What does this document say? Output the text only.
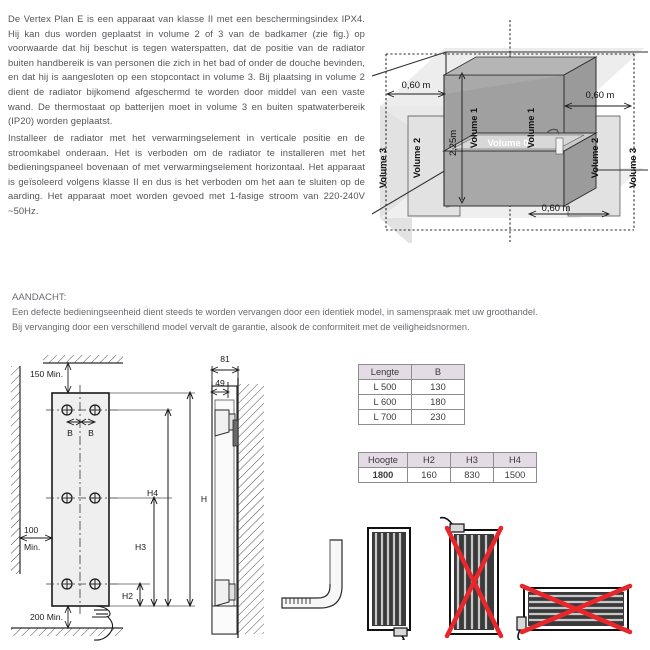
De Vertex Plan E is een apparaat van klasse II met een beschermingsindex IPX4. Hij kan dus worden geplaatst in volume 2 of 3 van de badkamer (zie fig.) op voorwaarde dat hij beschut is tegen waterspatten, dat de positie van de radiator buiten handbereik is van personen die zich in het bad of onder de douche bevinden, en dat hij is aangesloten op een stopcontact in volume 3. Bij plaatsing in volume 2 dient de radiator bijkomend afgeschermd te worden door middel van een vaste wand. De thermostaat op batterijen moet in volume 3 en buiten spatwaterbereik (IP20) worden geplaatst.
Installeer de radiator met het verwarmingselement in verticale positie en de stroomkabel onderaan. Het is verboden om de radiator te installeren met het bedieningspaneel bovenaan of met verwarmingselement horizontaal. Het apparaat is geïsoleerd volgens klasse II en dus is het verboden om het aan te sluiten op de aarding. Het apparaat moet worden gevoed met 1-fasige stroom van 220-240V ~50Hz.
Volume 3	Volume 3
Volume 2	Volume 2
Volume 1	Volume 1
Volume 0
2,25m
0,60 m
0,60 m
0,60 m
AANDACHT:
Een defecte bedieningseenheid dient steeds te worden vervangen door een identiek model, in samenspraak met uw groothandel.
Bij vervanging door een verschillend model vervalt de garantie, alsook de conformiteit met de veiligheidsnormen.
Lengte	B
L 500	130
L 600	180
L 700	230
Hoogte	H2	H3	H4
1800	160	830	1500
B B
150 Min.
100
Min.
200 Min.
H4
H3
H2
H
81
49
